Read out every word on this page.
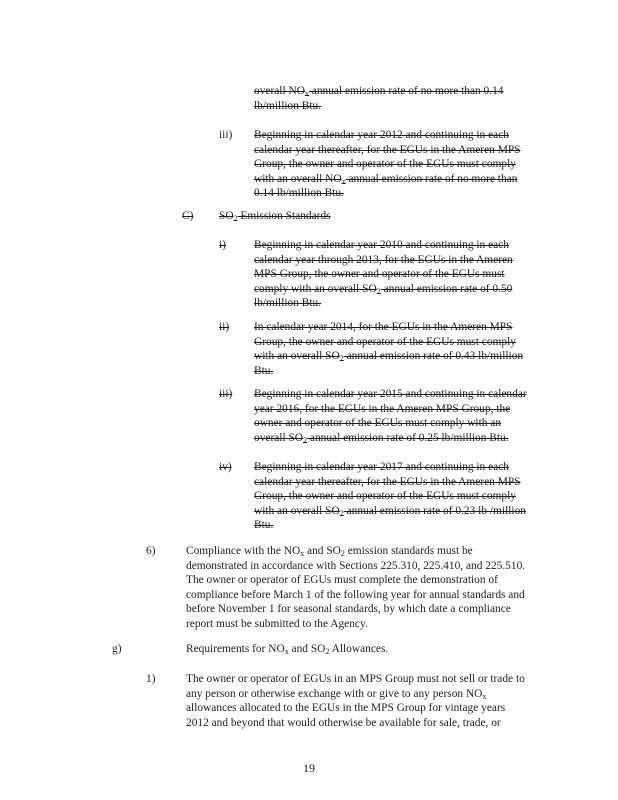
overall $NO_x$ annual emission rate of no more than 0.14
lb/million Btu.
iii) Beginning in calendar year 2012 and continuing in each
calendar year thereafter, for the EGUs in the Ameren MPS
Group, the owner and operator of the EGUs must comply
with an overall $NO_x$ annual emission rate of no more than
0.14 lb/million Btu.
C) $SO_2$ Emission Standards
i) Beginning in calendar year 2010 and continuing in each
calendar year through 2013, for the EGUs in the Ameren
MPS Group, the owner and operator of the EGUs must
comply with an overall $SO_2$ annual emission rate of 0.50
lb/million Btu.
ii) In calendar year 2014, for the EGUs in the Ameren MPS
Group, the owner and operator of the EGUs must comply
with an overall $SO_2$ annual emission rate of 0.43 lb/million
Btu.
iii) Beginning in calendar year 2015 and continuing in calendar
year 2016, for the EGUs in the Ameren MPS Group, the
owner and operator of the EGUs must comply with an
overall $SO_2$ annual emission rate of 0.25 lb/million Btu.
iv) Beginning in calendar year 2017 and continuing in each
calendar year thereafter, for the EGUs in the Ameren MPS
Group, the owner and operator of the EGUs must comply
with an overall $SO_2$ annual emission rate of 0.23 lb /million
Btu.
6)	Compliance with the $NO_x$ and $SO_2$ emission standards must be
demonstrated in accordance with Sections 225.310, 225.410, and 225.510.
The owner or operator of EGUs must complete the demonstration of
compliance before March 1 of the following year for annual standards and
before November 1 for seasonal standards, by which date a compliance
report must be submitted to the Agency.
g)	Requirements for $NO_x$ and $SO_2$ Allowances.
1)	The owner or operator of EGUs in an MPS Group must not sell or trade to
any person or otherwise exchange with or give to any person $NO_x$
allowances allocated to the EGUs in the MPS Group for vintage years
2012 and beyond that would otherwise be available for sale, trade, or
19
